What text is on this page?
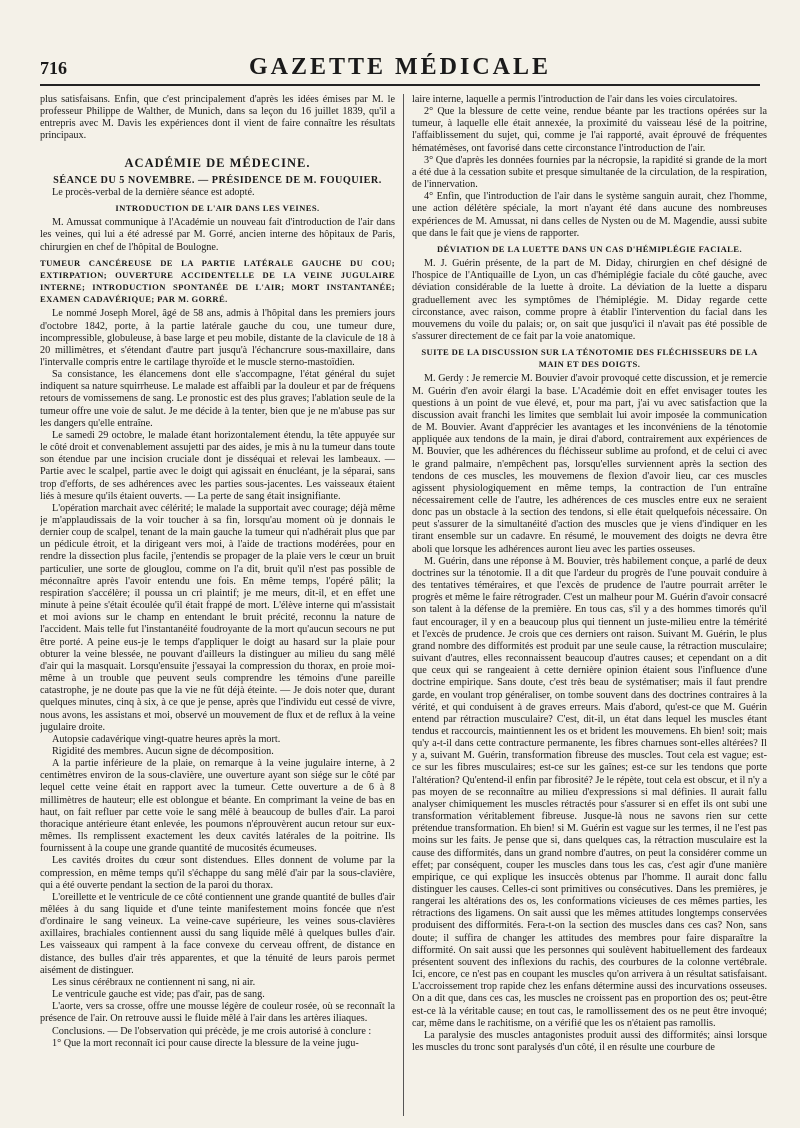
716	GAZETTE MÉDICALE

plus satisfaisans. Enfin, que c'est principalement d'après les idées émises par M. le professeur Philippe de Walther, de Munich, dans sa leçon du 16 juillet 1839, qu'il a entrepris avec M. Davis les expériences dont il vient de faire connaître les résultats principaux.

ACADÉMIE DE MÉDECINE.

SÉANCE DU 5 NOVEMBRE. — PRÉSIDENCE DE M. FOUQUIER.

Le procès-verbal de la dernière séance est adopté.

INTRODUCTION DE L'AIR DANS LES VEINES.

M. Amussat communique à l'Académie un nouveau fait d'introduction de l'air dans les veines, qui lui a été adressé par M. Gorré, ancien interne des hôpitaux de Paris, chirurgien en chef de l'hôpital de Boulogne.

TUMEUR CANCÉREUSE DE LA PARTIE LATÉRALE GAUCHE DU COU; EXTIRPATION; OUVERTURE ACCIDENTELLE DE LA VEINE JUGULAIRE INTERNE; INTRODUCTION SPONTANÉE DE L'AIR; MORT INSTANTANÉE; EXAMEN CADAVÉRIQUE; PAR M. GORRÉ.

Le nommé Joseph Morel, âgé de 58 ans, admis à l'hôpital dans les premiers jours d'octobre 1842, porte, à la partie latérale gauche du cou, une tumeur dure, incompressible, globuleuse, à base large et peu mobile, distante de la clavicule de 18 à 20 millimètres, et s'étendant d'autre part jusqu'à l'échancrure sous-maxillaire, dans l'intervalle compris entre le cartilage thyroïde et le muscle sterno-mastoïdien.

Sa consistance, les élancemens dont elle s'accompagne, l'état général du sujet indiquent sa nature squirrheuse. Le malade est affaibli par la douleur et par de fréquens retours de vomissemens de sang. Le pronostic est des plus graves; l'ablation seule de la tumeur offre une voie de salut. Je me décide à la tenter, bien que je ne m'abuse pas sur les dangers qu'elle entraîne.

Le samedi 29 octobre, le malade étant horizontalement étendu, la tête appuyée sur le côté droit et convenablement assujetti par des aides, je mis à nu la tumeur dans toute son étendue par une incision cruciale dont je disséquai et relevai les lambeaux. — Partie avec le scalpel, partie avec le doigt qui agissait en énucléant, je la séparai, sans trop d'efforts, de ses adhérences avec les parties sous-jacentes. Les vaisseaux étaient liés à mesure qu'ils étaient ouverts. — La perte de sang était insignifiante.

L'opération marchait avec célérité; le malade la supportait avec courage; déjà même je m'applaudissais de la voir toucher à sa fin, lorsqu'au moment où je donnais le dernier coup de scalpel, tenant de la main gauche la tumeur qui n'adhérait plus que par un pédicule étroit, et la dirigeant vers moi, à l'aide de tractions modérées, pour en rendre la dissection plus facile, j'entendis se propager de la plaie vers le cœur un bruit particulier, une sorte de glouglou, comme on l'a dit, bruit qu'il n'est pas possible de méconnaître après l'avoir entendu une fois. En même temps, l'opéré pâlit; la respiration s'accélère; il poussa un cri plaintif; je me meurs, dit-il, et en effet une minute à peine s'était écoulée qu'il était frappé de mort. L'élève interne qui m'assistait et moi avions sur le champ en entendant le bruit précité, reconnu la nature de l'accident. Mais telle fut l'instantanéité foudroyante de la mort qu'aucun secours ne put être porté. A peine eus-je le temps d'appliquer le doigt au hasard sur la plaie pour obturer la veine blessée, ne pouvant d'ailleurs la distinguer au milieu du sang mêlé d'air qui la masquait. Lorsqu'ensuite j'essayai la compression du thorax, en proie moi-même à un trouble que peuvent seuls comprendre les témoins d'une pareille catastrophe, je ne doute pas que la vie ne fût déjà éteinte. — Je dois noter que, durant quelques minutes, cinq à six, à ce que je pense, après que l'individu eut cessé de vivre, nous avons, les assistans et moi, observé un mouvement de flux et de reflux à la veine jugulaire droite.

Autopsie cadavérique vingt-quatre heures après la mort.

Rigidité des membres. Aucun signe de décomposition.

A la partie inférieure de la plaie, on remarque à la veine jugulaire interne, à 2 centimètres environ de la sous-clavière, une ouverture ayant son siége sur le côté par lequel cette veine était en rapport avec la tumeur. Cette ouverture a de 6 à 8 millimètres de hauteur; elle est oblongue et béante. En comprimant la veine de bas en haut, on fait refluer par cette voie le sang mêlé à beaucoup de bulles d'air. La paroi thoracique antérieure étant enlevée, les poumons n'éprouvèrent aucun retour sur eux-mêmes. Ils remplissent exactement les deux cavités latérales de la poitrine. Ils fournissent à la coupe une grande quantité de mucosités écumeuses.

Les cavités droites du cœur sont distendues. Elles donnent de volume par la compression, en même temps qu'il s'échappe du sang mêlé d'air par la sous-clavière, qui a été ouverte pendant la section de la paroi du thorax.

L'oreillette et le ventricule de ce côté contiennent une grande quantité de bulles d'air mêlées à du sang liquide et d'une teinte manifestement moins foncée que n'est d'ordinaire le sang veineux. La veine-cave supérieure, les veines sous-clavières axillaires, brachiales contiennent aussi du sang liquide mêlé à quelques bulles d'air. Les vaisseaux qui rampent à la face convexe du cerveau offrent, de distance en distance, des bulles d'air très apparentes, et que la ténuité de leurs parois permet aisément de distinguer.

Les sinus cérébraux ne contiennent ni sang, ni air.

Le ventricule gauche est vide; pas d'air, pas de sang.

L'aorte, vers sa crosse, offre une mousse légère de couleur rosée, où se reconnaît la présence de l'air. On retrouve aussi le fluide mêlé à l'air dans les artères iliaques.

Conclusions. — De l'observation qui précède, je me crois autorisé à conclure :

1° Que la mort reconnaît ici pour cause directe la blessure de la veine jugu-

laire interne, laquelle a permis l'introduction de l'air dans les voies circulatoires.

2° Que la blessure de cette veine, rendue béante par les tractions opérées sur la tumeur, à laquelle elle était annexée, la proximité du vaisseau lésé de la poitrine, l'affaiblissement du sujet, qui, comme je l'ai rapporté, avait éprouvé de fréquentes hématémèses, ont favorisé dans cette circonstance l'introduction de l'air.

3° Que d'après les données fournies par la nécropsie, la rapidité si grande de la mort a été due à la cessation subite et presque simultanée de la circulation, de la respiration, de l'innervation.

4° Enfin, que l'introduction de l'air dans le système sanguin aurait, chez l'homme, une action délétère spéciale, la mort n'ayant été dans aucune des nombreuses expériences de M. Amussat, ni dans celles de Nysten ou de M. Magendie, aussi subite que dans le fait que je viens de rapporter.

DÉVIATION DE LA LUETTE DANS UN CAS D'HÉMIPLÉGIE FACIALE.

M. J. Guérin présente, de la part de M. Diday, chirurgien en chef désigné de l'hospice de l'Antiquaille de Lyon, un cas d'hémiplégie faciale du côté gauche, avec déviation considérable de la luette à droite. La déviation de la luette a disparu graduellement avec les symptômes de l'hémiplégie. M. Diday regarde cette circonstance, avec raison, comme propre à établir l'intervention du facial dans les mouvemens du voile du palais; or, on sait que jusqu'ici il n'avait pas été possible de s'assurer directement de ce fait par la voie anatomique.

SUITE DE LA DISCUSSION SUR LA TÉNOTOMIE DES FLÉCHISSEURS DE LA MAIN ET DES DOIGTS.

M. Gerdy : Je remercie M. Bouvier d'avoir provoqué cette discussion, et je remercie M. Guérin d'en avoir élargi la base. L'Académie doit en effet envisager toutes les questions à un point de vue élevé, et, pour ma part, j'ai vu avec satisfaction que la discussion avait franchi les limites que semblait lui avoir imposée la communication de M. Bouvier. Avant d'apprécier les avantages et les inconvéniens de la ténotomie appliquée aux tendons de la main, je dirai d'abord, contrairement aux expériences de M. Bouvier, que les adhérences du fléchisseur sublime au profond, et de celui ci avec le grand palmaire, n'empêchent pas, lorsqu'elles surviennent après la section des tendons de ces muscles, les mouvemens de flexion d'avoir lieu, car ces muscles agissent physiologiquement en même temps, la contraction de l'un entraîne nécessairement celle de l'autre, les adhérences de ces muscles entre eux ne seraient donc pas un obstacle à la section des tendons, si elle était quelquefois nécessaire. On peut s'assurer de la simultanéité d'action des muscles que je viens d'indiquer en les tirant ensemble sur un cadavre. En résumé, le mouvement des doigts ne devra être aboli que lorsque les adhérences auront lieu avec les parties osseuses.

M. Guérin, dans une réponse à M. Bouvier, très habilement conçue, a parlé de deux doctrines sur la ténotomie. Il a dit que l'ardeur du progrès de l'une pouvait conduire à des tentatives téméraires, et que l'excès de prudence de l'autre pourrait arrêter le progrès et même le faire rétrograder. C'est un malheur pour M. Guérin d'avoir consacré son talent à la défense de la première. En tous cas, s'il y a des hommes timorés qu'il faut encourager, il y en a beaucoup plus qui tiennent un juste-milieu entre la témérité et l'excès de prudence. Je crois que ces derniers ont raison. Suivant M. Guérin, le plus grand nombre des difformités est produit par une seule cause, la rétraction musculaire; suivant d'autres, elles reconnaissent beaucoup d'autres causes; et cependant on a dit que ceux qui se rangeaient à cette dernière opinion étaient sous l'influence d'une doctrine empirique. Sans doute, c'est très beau de systématiser; mais il faut prendre garde, en voulant trop généraliser, on tombe souvent dans des doctrines contraires à la vérité, et qui conduisent à de graves erreurs. Mais d'abord, qu'est-ce que M. Guérin entend par rétraction musculaire? C'est, dit-il, un état dans lequel les muscles étant tendus et raccourcis, maintiennent les os et brident les mouvemens. Eh bien! soit; mais qu'y a-t-il dans cette contracture permanente, les fibres charnues sont-elles altérées? Il y a, suivant M. Guérin, transformation fibreuse des muscles. Tout cela est vague; est-ce sur les fibres musculaires; est-ce sur les gaînes; est-ce sur les tendons que porte l'altération? Qu'entend-il enfin par fibrosité? Je le répète, tout cela est obscur, et il n'y a pas moyen de se reconnaître au milieu d'expressions si mal définies. Il aurait fallu analyser chimiquement les muscles rétractés pour s'assurer si en effet ils ont subi une transformation véritablement fibreuse. Jusque-là nous ne savons rien sur cette prétendue transformation. Eh bien! si M. Guérin est vague sur les termes, il ne l'est pas moins sur les faits. Je pense que si, dans quelques cas, la rétraction musculaire est la cause des difformités, dans un grand nombre d'autres, on peut la considérer comme un effet; par conséquent, couper les muscles dans tous les cas, c'est agir d'une manière empirique, ce qui explique les insuccès obtenus par l'homme. Il aurait donc fallu distinguer les causes. Celles-ci sont primitives ou consécutives. Dans les premières, je rangerai les altérations des os, les conformations vicieuses de ces mêmes parties, les rétractions des ligamens. On sait aussi que les mêmes attitudes longtemps conservées produisent des difformités. Fera-t-on la section des muscles dans ces cas? Non, sans doute; il suffira de changer les attitudes des membres pour faire disparaître la difformité. On sait aussi que les personnes qui soulèvent habituellement des fardeaux présentent souvent des inflexions du rachis, des courbures de la colonne vertébrale. Ici, encore, ce n'est pas en coupant les muscles qu'on arrivera à un résultat satisfaisant. L'accroissement trop rapide chez les enfans détermine aussi des incurvations osseuses. On a dit que, dans ces cas, les muscles ne croissent pas en proportion des os; peut-être est-ce là la véritable cause; en tout cas, le ramollissement des os ne peut être invoqué; car, même dans le rachitisme, on a vérifié que les os n'étaient pas ramollis.

La paralysie des muscles antagonistes produit aussi des difformités; ainsi lorsque les muscles du tronc sont paralysés d'un côté, il en résulte une courbure de
